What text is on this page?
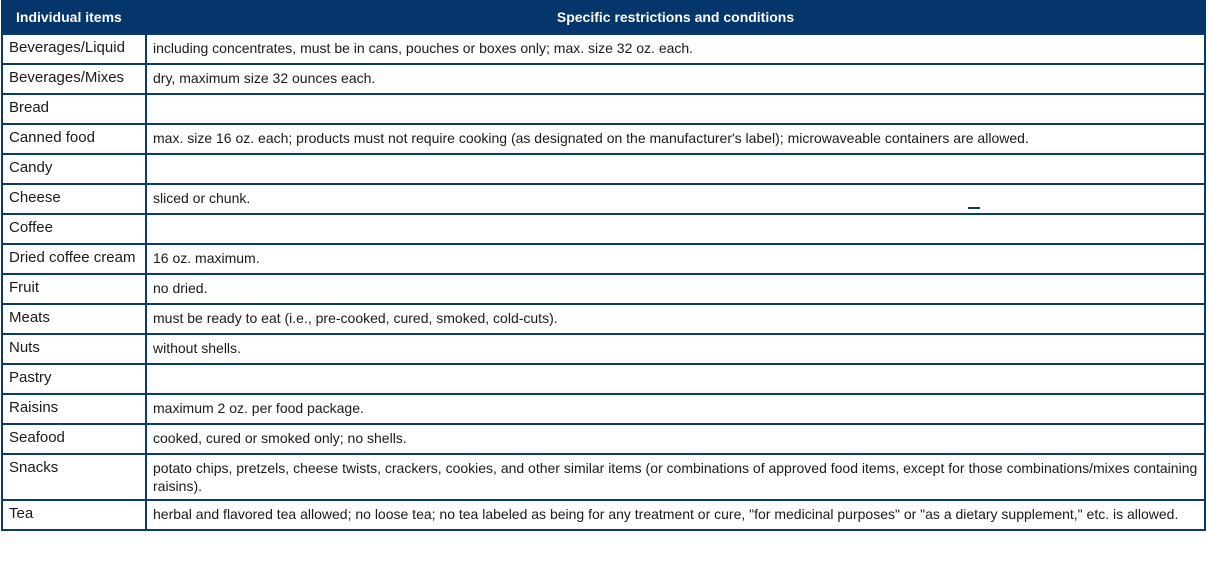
Individual items	Specific restrictions and conditions
Beverages/Liquid	including concentrates, must be in cans, pouches or boxes only; max. size 32 oz. each.
Beverages/Mixes	dry, maximum size 32 ounces each.
Bread	
Canned food	max. size 16 oz. each; products must not require cooking (as designated on the manufacturer's label); microwaveable containers are allowed.
Candy	
Cheese	sliced or chunk.
Coffee	
Dried coffee cream	16 oz. maximum.
Fruit	no dried.
Meats	must be ready to eat (i.e., pre-cooked, cured, smoked, cold-cuts).
Nuts	without shells.
Pastry	
Raisins	maximum 2 oz. per food package.
Seafood	cooked, cured or smoked only; no shells.
Snacks	potato chips, pretzels, cheese twists, crackers, cookies, and other similar items (or combinations of approved food items, except for those combinations/mixes containing raisins).
Tea	herbal and flavored tea allowed; no loose tea; no tea labeled as being for any treatment or cure, "for medicinal purposes" or "as a dietary supplement," etc. is allowed.
